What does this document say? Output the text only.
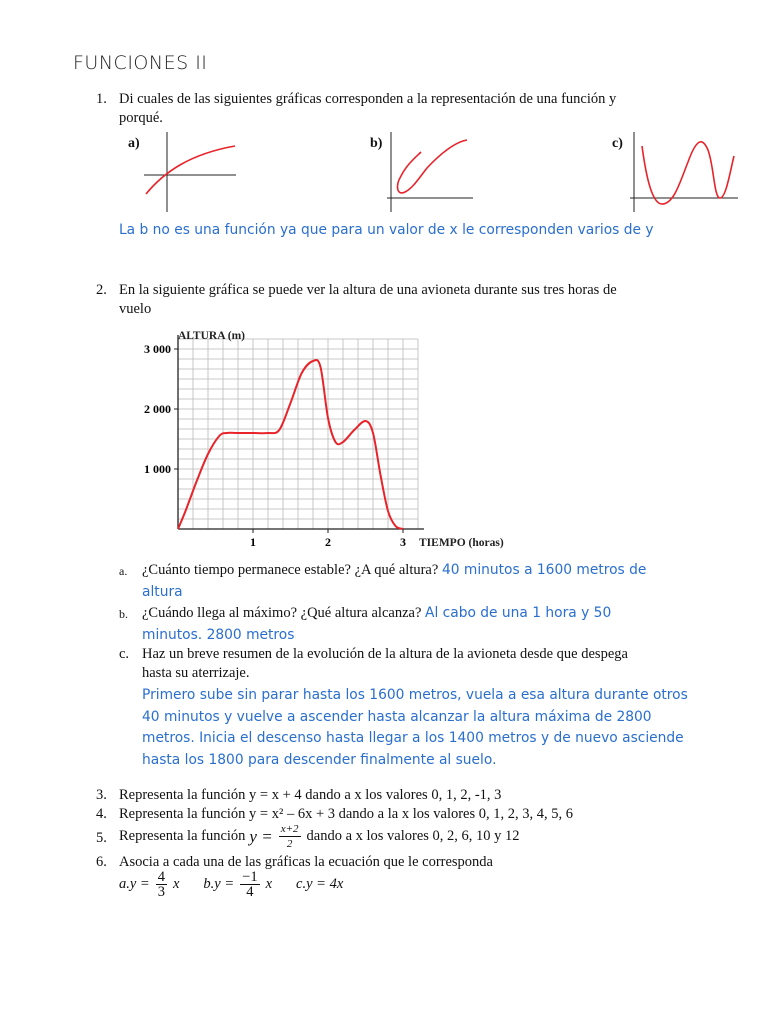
FUNCIONES II
1. Di cuales de las siguientes gráficas corresponden a la representación de una función y
porqué.
a)	b)	c)
La b no es una función ya que para un valor de x le corresponden varios de y
2. En la siguiente gráfica se puede ver la altura de una avioneta durante sus tres horas de
vuelo
1	2	3
1 000
2 000
3 000
ALTURA (m)
TIEMPO (horas)
a. ¿Cuánto tiempo permanece estable? ¿A qué altura? 40 minutos a 1600 metros de
altura
b. ¿Cuándo llega al máximo? ¿Qué altura alcanza? Al cabo de una 1 hora y 50
minutos. 2800 metros
c. Haz un breve resumen de la evolución de la altura de la avioneta desde que despega
hasta su aterrizaje.
Primero sube sin parar hasta los 1600 metros, vuela a esa altura durante otros
40 minutos y vuelve a ascender hasta alcanzar la altura máxima de 2800
metros. Inicia el descenso hasta llegar a los 1400 metros y de nuevo asciende
hasta los 1800 para descender finalmente al suelo.
3. Representa la función y = x + 4 dando a x los valores 0, 1, 2, -1, 3
4. Representa la función y = x² – 6x + 3 dando a la x los valores 0, 1, 2, 3, 4, 5, 6
5. Representa la función $y = \frac{x+2}{2}$ dando a x los valores 0, 2, 6, 10 y 12
6. Asocia a cada una de las gráficas la ecuación que le corresponda
$a.y = \frac{4}{3}$ x $b.y = \frac{-1}{4}$ x c.y = 4x
